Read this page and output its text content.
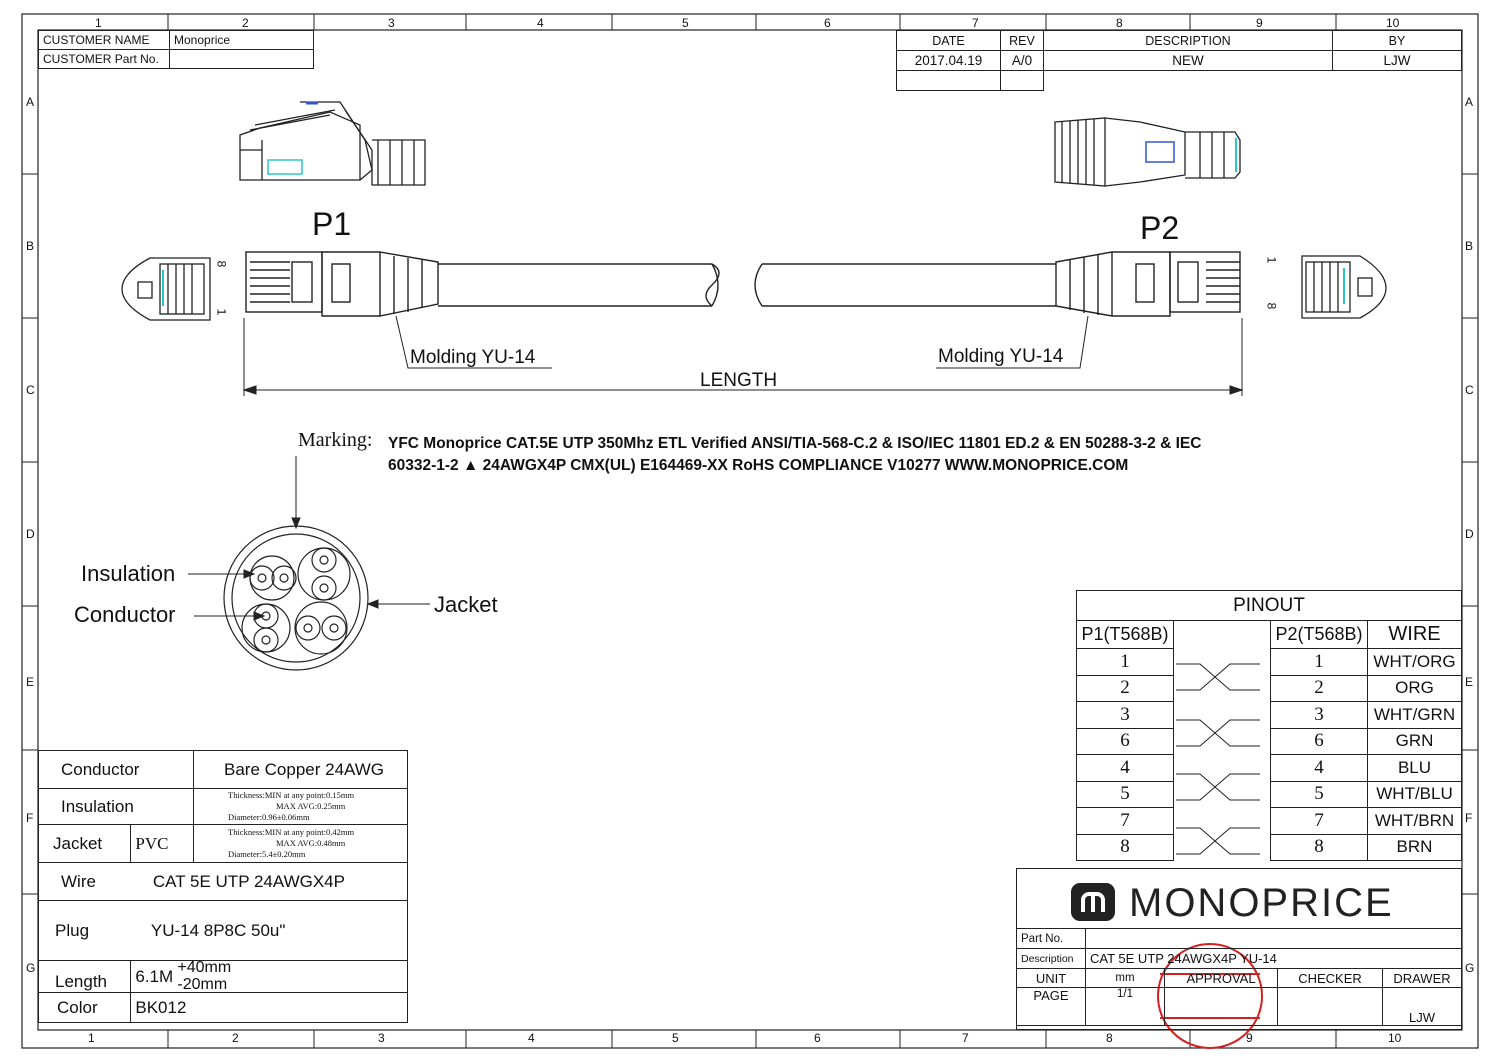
1	2	3	4	5	6	7	8	9	10
1	2	3	4	5	6	7	8	9	10
A
B
C
D
E
F
G
A
B
C
D
E
F
G
CUSTOMER NAME	Monoprice
CUSTOMER Part No.	
DATE	REV	DESCRIPTION	BY
2017.04.19	A/0	NEW	LJW

P1	P2
8
1
1
8
Molding YU-14	Molding YU-14
LENGTH
Marking: YFC Monoprice CAT.5E UTP 350Mhz ETL Verified ANSI/TIA-568-C.2 & ISO/IEC 11801 ED.2 & EN 50288-3-2 & IEC
60332-1-2 ▲ 24AWGX4P CMX(UL) E164469-XX RoHS COMPLIANCE V10277 WWW.MONOPRICE.COM
Insulation
Conductor	Jacket
Conductor		Bare Copper 24AWG
Insulation		Thickness:MIN at any point:0.15mm
MAX AVG:0.25mm
Diameter:0.96±0.06mm

Jacket	PVC	Thickness:MIN at any point:0.42mm
MAX AVG:0.48mm
Diameter:5.4±0.20mm

Wire	CAT 5E UTP 24AWGX4P	
Plug	YU-14 8P8C 50u"	
Length	6.1M +40mm
-20mm	

Color	BK012	
PINOUT			
P1(T568B)		P2(T568B)	WIRE
1		1	WHT/ORG
2		2	ORG
3		3	WHT/GRN
6		6	GRN
4		4	BLU
5		5	WHT/BLU
7		7	WHT/BRN
8		8	BRN
MONOPRICE
Part No.				
Description	CAT 5E UTP 24AWGX4P YU-14			
UNIT	mm	APPROVAL	CHECKER	DRAWER
PAGE	1/1			LJW
